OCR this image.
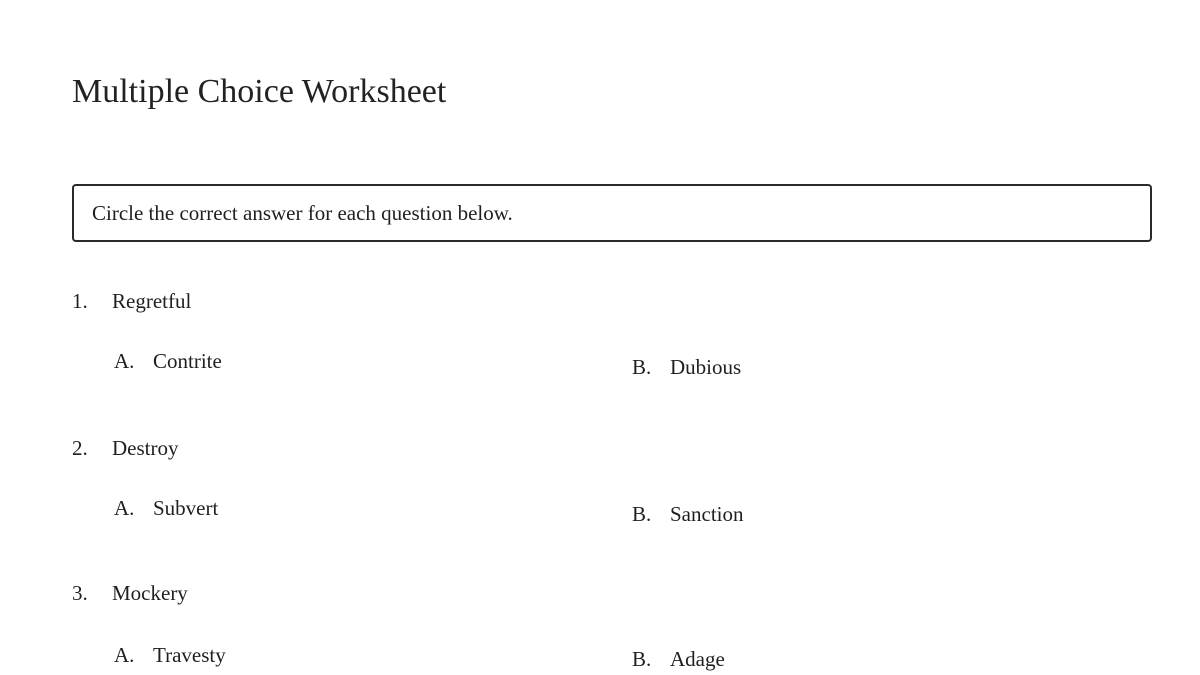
Multiple Choice Worksheet
Circle the correct answer for each question below.
1. Regretful
A. Contrite	B. Dubious
2. Destroy
A. Subvert	B. Sanction
3. Mockery
A. Travesty	B. Adage
